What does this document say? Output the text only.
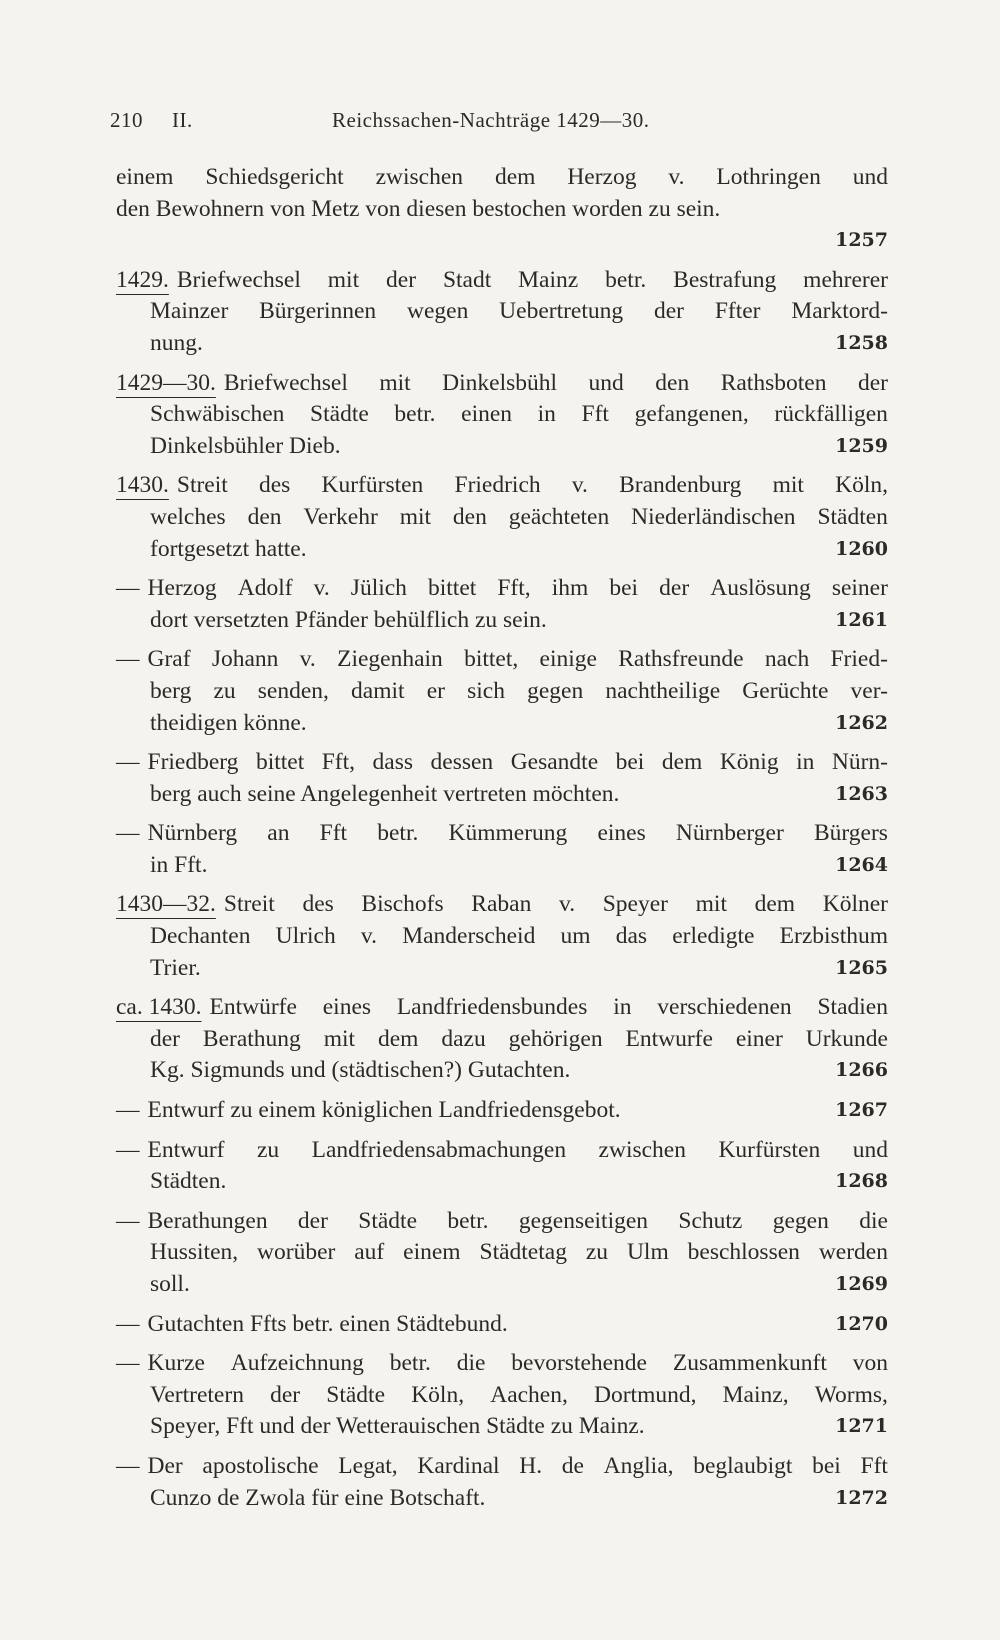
210 II.	Reichssachen-Nachträge 1429—30.
einem Schiedsgericht zwischen dem Herzog v. Lothringen und
den Bewohnern von Metz von diesen bestochen worden zu sein.
1257
1429. Briefwechsel mit der Stadt Mainz betr. Bestrafung mehrerer
Mainzer Bürgerinnen wegen Uebertretung der Ffter Marktord-
nung.	1258
1429—30. Briefwechsel mit Dinkelsbühl und den Rathsboten der
Schwäbischen Städte betr. einen in Fft gefangenen, rückfälligen
Dinkelsbühler Dieb.	1259
1430. Streit des Kurfürsten Friedrich v. Brandenburg mit Köln,
welches den Verkehr mit den geächteten Niederländischen Städten
fortgesetzt hatte.	1260
— Herzog Adolf v. Jülich bittet Fft, ihm bei der Auslösung seiner
dort versetzten Pfänder behülflich zu sein.	1261
— Graf Johann v. Ziegenhain bittet, einige Rathsfreunde nach Fried-
berg zu senden, damit er sich gegen nachtheilige Gerüchte ver-
theidigen könne.	1262
— Friedberg bittet Fft, dass dessen Gesandte bei dem König in Nürn-
berg auch seine Angelegenheit vertreten möchten.	1263
— Nürnberg an Fft betr. Kümmerung eines Nürnberger Bürgers
in Fft.	1264
1430—32. Streit des Bischofs Raban v. Speyer mit dem Kölner
Dechanten Ulrich v. Manderscheid um das erledigte Erzbisthum
Trier.	1265
ca. 1430. Entwürfe eines Landfriedensbundes in verschiedenen Stadien
der Berathung mit dem dazu gehörigen Entwurfe einer Urkunde
Kg. Sigmunds und (städtischen?) Gutachten.	1266
— Entwurf zu einem königlichen Landfriedensgebot.	1267
— Entwurf zu Landfriedensabmachungen zwischen Kurfürsten und
Städten.	1268
— Berathungen der Städte betr. gegenseitigen Schutz gegen die
Hussiten, worüber auf einem Städtetag zu Ulm beschlossen werden
soll.	1269
— Gutachten Ffts betr. einen Städtebund.	1270
— Kurze Aufzeichnung betr. die bevorstehende Zusammenkunft von
Vertretern der Städte Köln, Aachen, Dortmund, Mainz, Worms,
Speyer, Fft und der Wetterauischen Städte zu Mainz.	1271
— Der apostolische Legat, Kardinal H. de Anglia, beglaubigt bei Fft
Cunzo de Zwola für eine Botschaft.	1272
